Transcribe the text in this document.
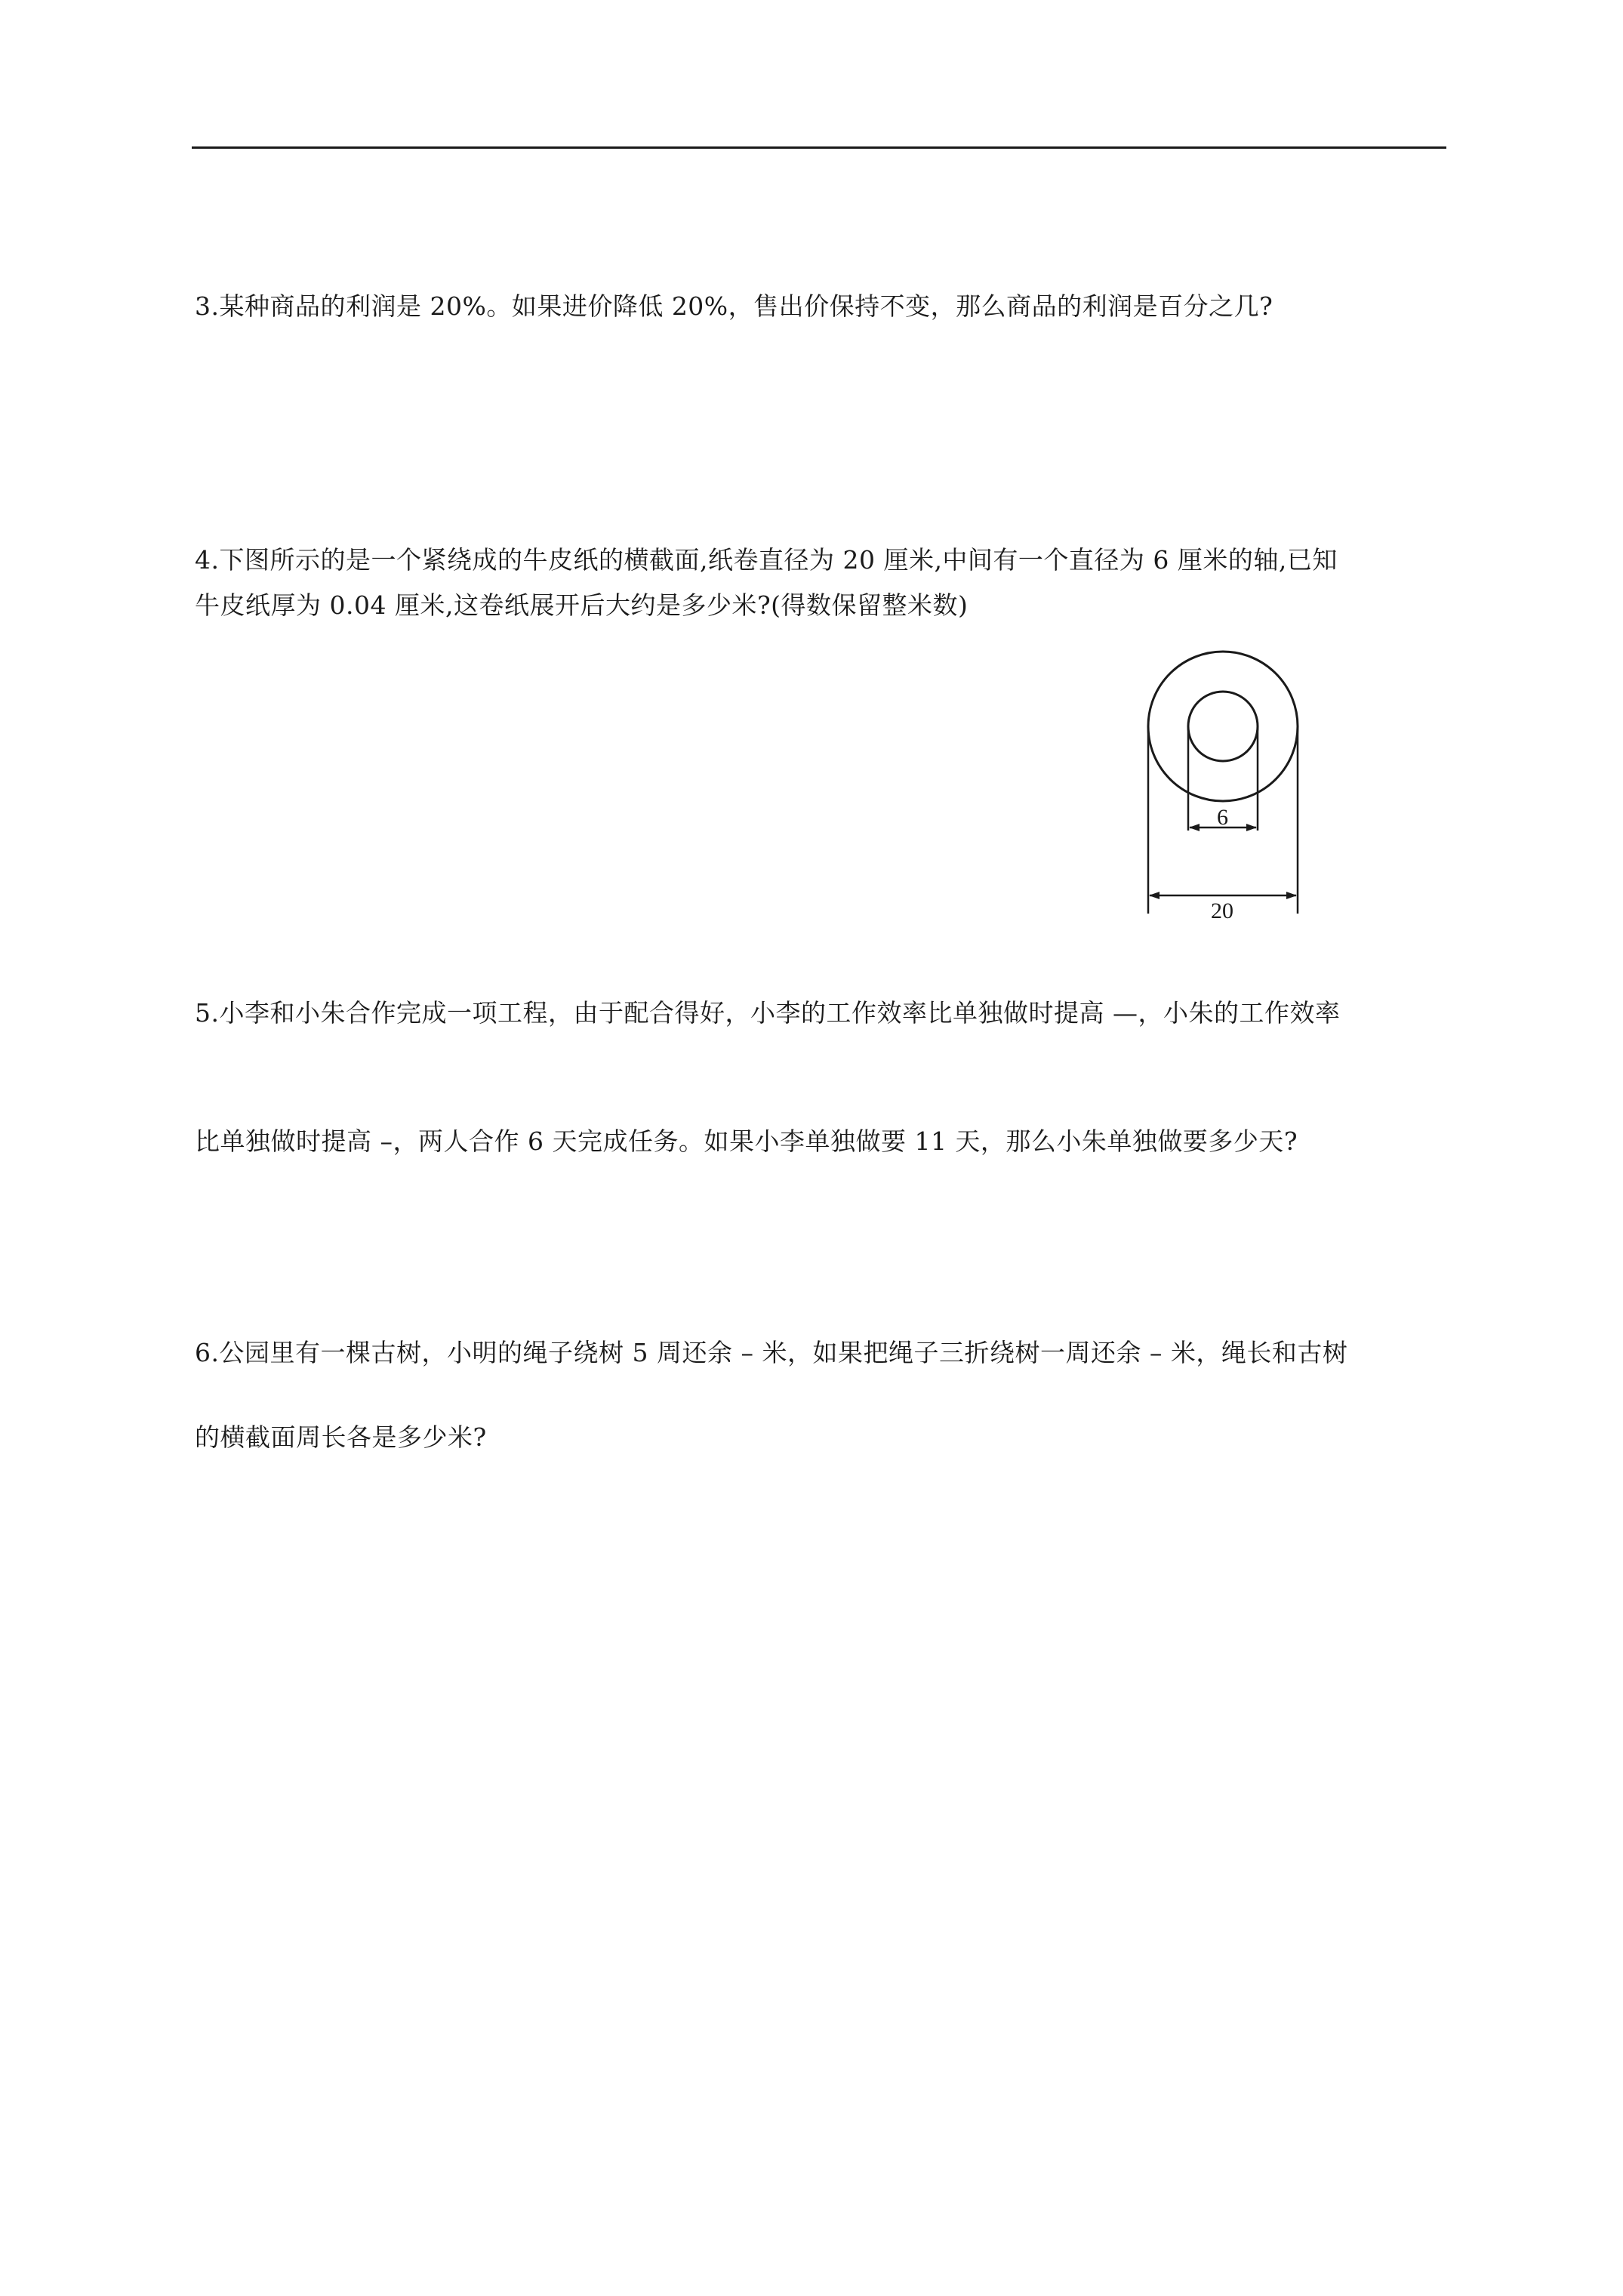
3.某种商品的利润是 20%。如果进价降低 20%，售出价保持不变，那么商品的利润是百分之几?
4.下图所示的是一个紧绕成的牛皮纸的横截面,纸卷直径为 20 厘米,中间有一个直径为 6 厘米的轴,已知
牛皮纸厚为 0.04 厘米,这卷纸展开后大约是多少米?(得数保留整米数)
6
20
5.小李和小朱合作完成一项工程，由于配合得好，小李的工作效率比单独做时提高 —，小朱的工作效率
比单独做时提高 –，两人合作 6 天完成任务。如果小李单独做要 11 天，那么小朱单独做要多少天?
6.公园里有一棵古树，小明的绳子绕树 5 周还余 – 米，如果把绳子三折绕树一周还余 – 米，绳长和古树
的横截面周长各是多少米?
